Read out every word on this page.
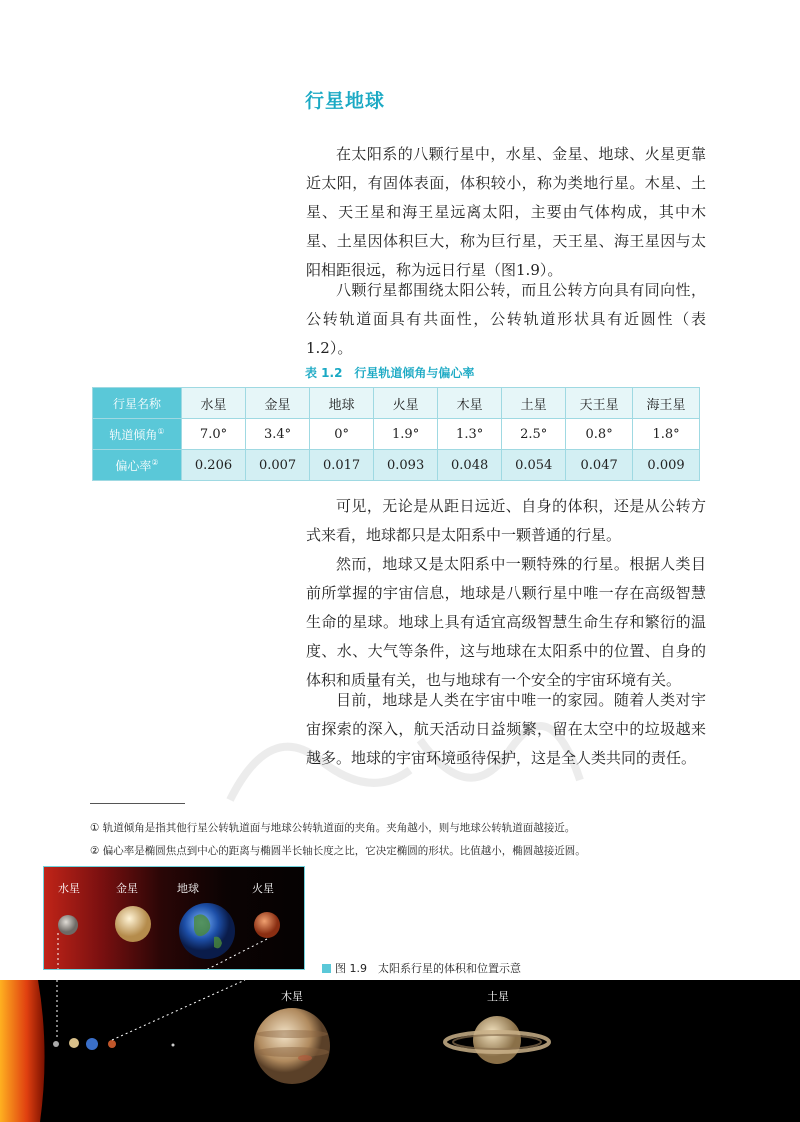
行星地球

在太阳系的八颗行星中，水星、金星、地球、火星更靠近太阳，有固体表面，体积较小，称为类地行星。木星、土星、天王星和海王星远离太阳，主要由气体构成，其中木星、土星因体积巨大，称为巨行星，天王星、海王星因与太阳相距很远，称为远日行星（图1.9）。

八颗行星都围绕太阳公转，而且公转方向具有同向性，公转轨道面具有共面性，公转轨道形状具有近圆性（表1.2）。

表 1.2　行星轨道倾角与偏心率
行星名称	水星	金星	地球	火星	木星	土星	天王星	海王星
轨道倾角①	7.0°	3.4°	0°	1.9°	1.3°	2.5°	0.8°	1.8°
偏心率②	0.206	0.007	0.017	0.093	0.048	0.054	0.047	0.009

可见，无论是从距日远近、自身的体积，还是从公转方式来看，地球都只是太阳系中一颗普通的行星。

然而，地球又是太阳系中一颗特殊的行星。根据人类目前所掌握的宇宙信息，地球是八颗行星中唯一存在高级智慧生命的星球。地球上具有适宜高级智慧生命生存和繁衍的温度、水、大气等条件，这与地球在太阳系中的位置、自身的体积和质量有关，也与地球有一个安全的宇宙环境有关。

目前，地球是人类在宇宙中唯一的家园。随着人类对宇宙探索的深入，航天活动日益频繁，留在太空中的垃圾越来越多。地球的宇宙环境亟待保护，这是全人类共同的责任。

① 轨道倾角是指其他行星公转轨道面与地球公转轨道面的夹角。夹角越小，则与地球公转轨道面越接近。
② 偏心率是椭圆焦点到中心的距离与椭圆半长轴长度之比，它决定椭圆的形状。比值越小，椭圆越接近圆。
水星	金星	地球	火星
图 1.9　太阳系行星的体积和位置示意
木星	土星
